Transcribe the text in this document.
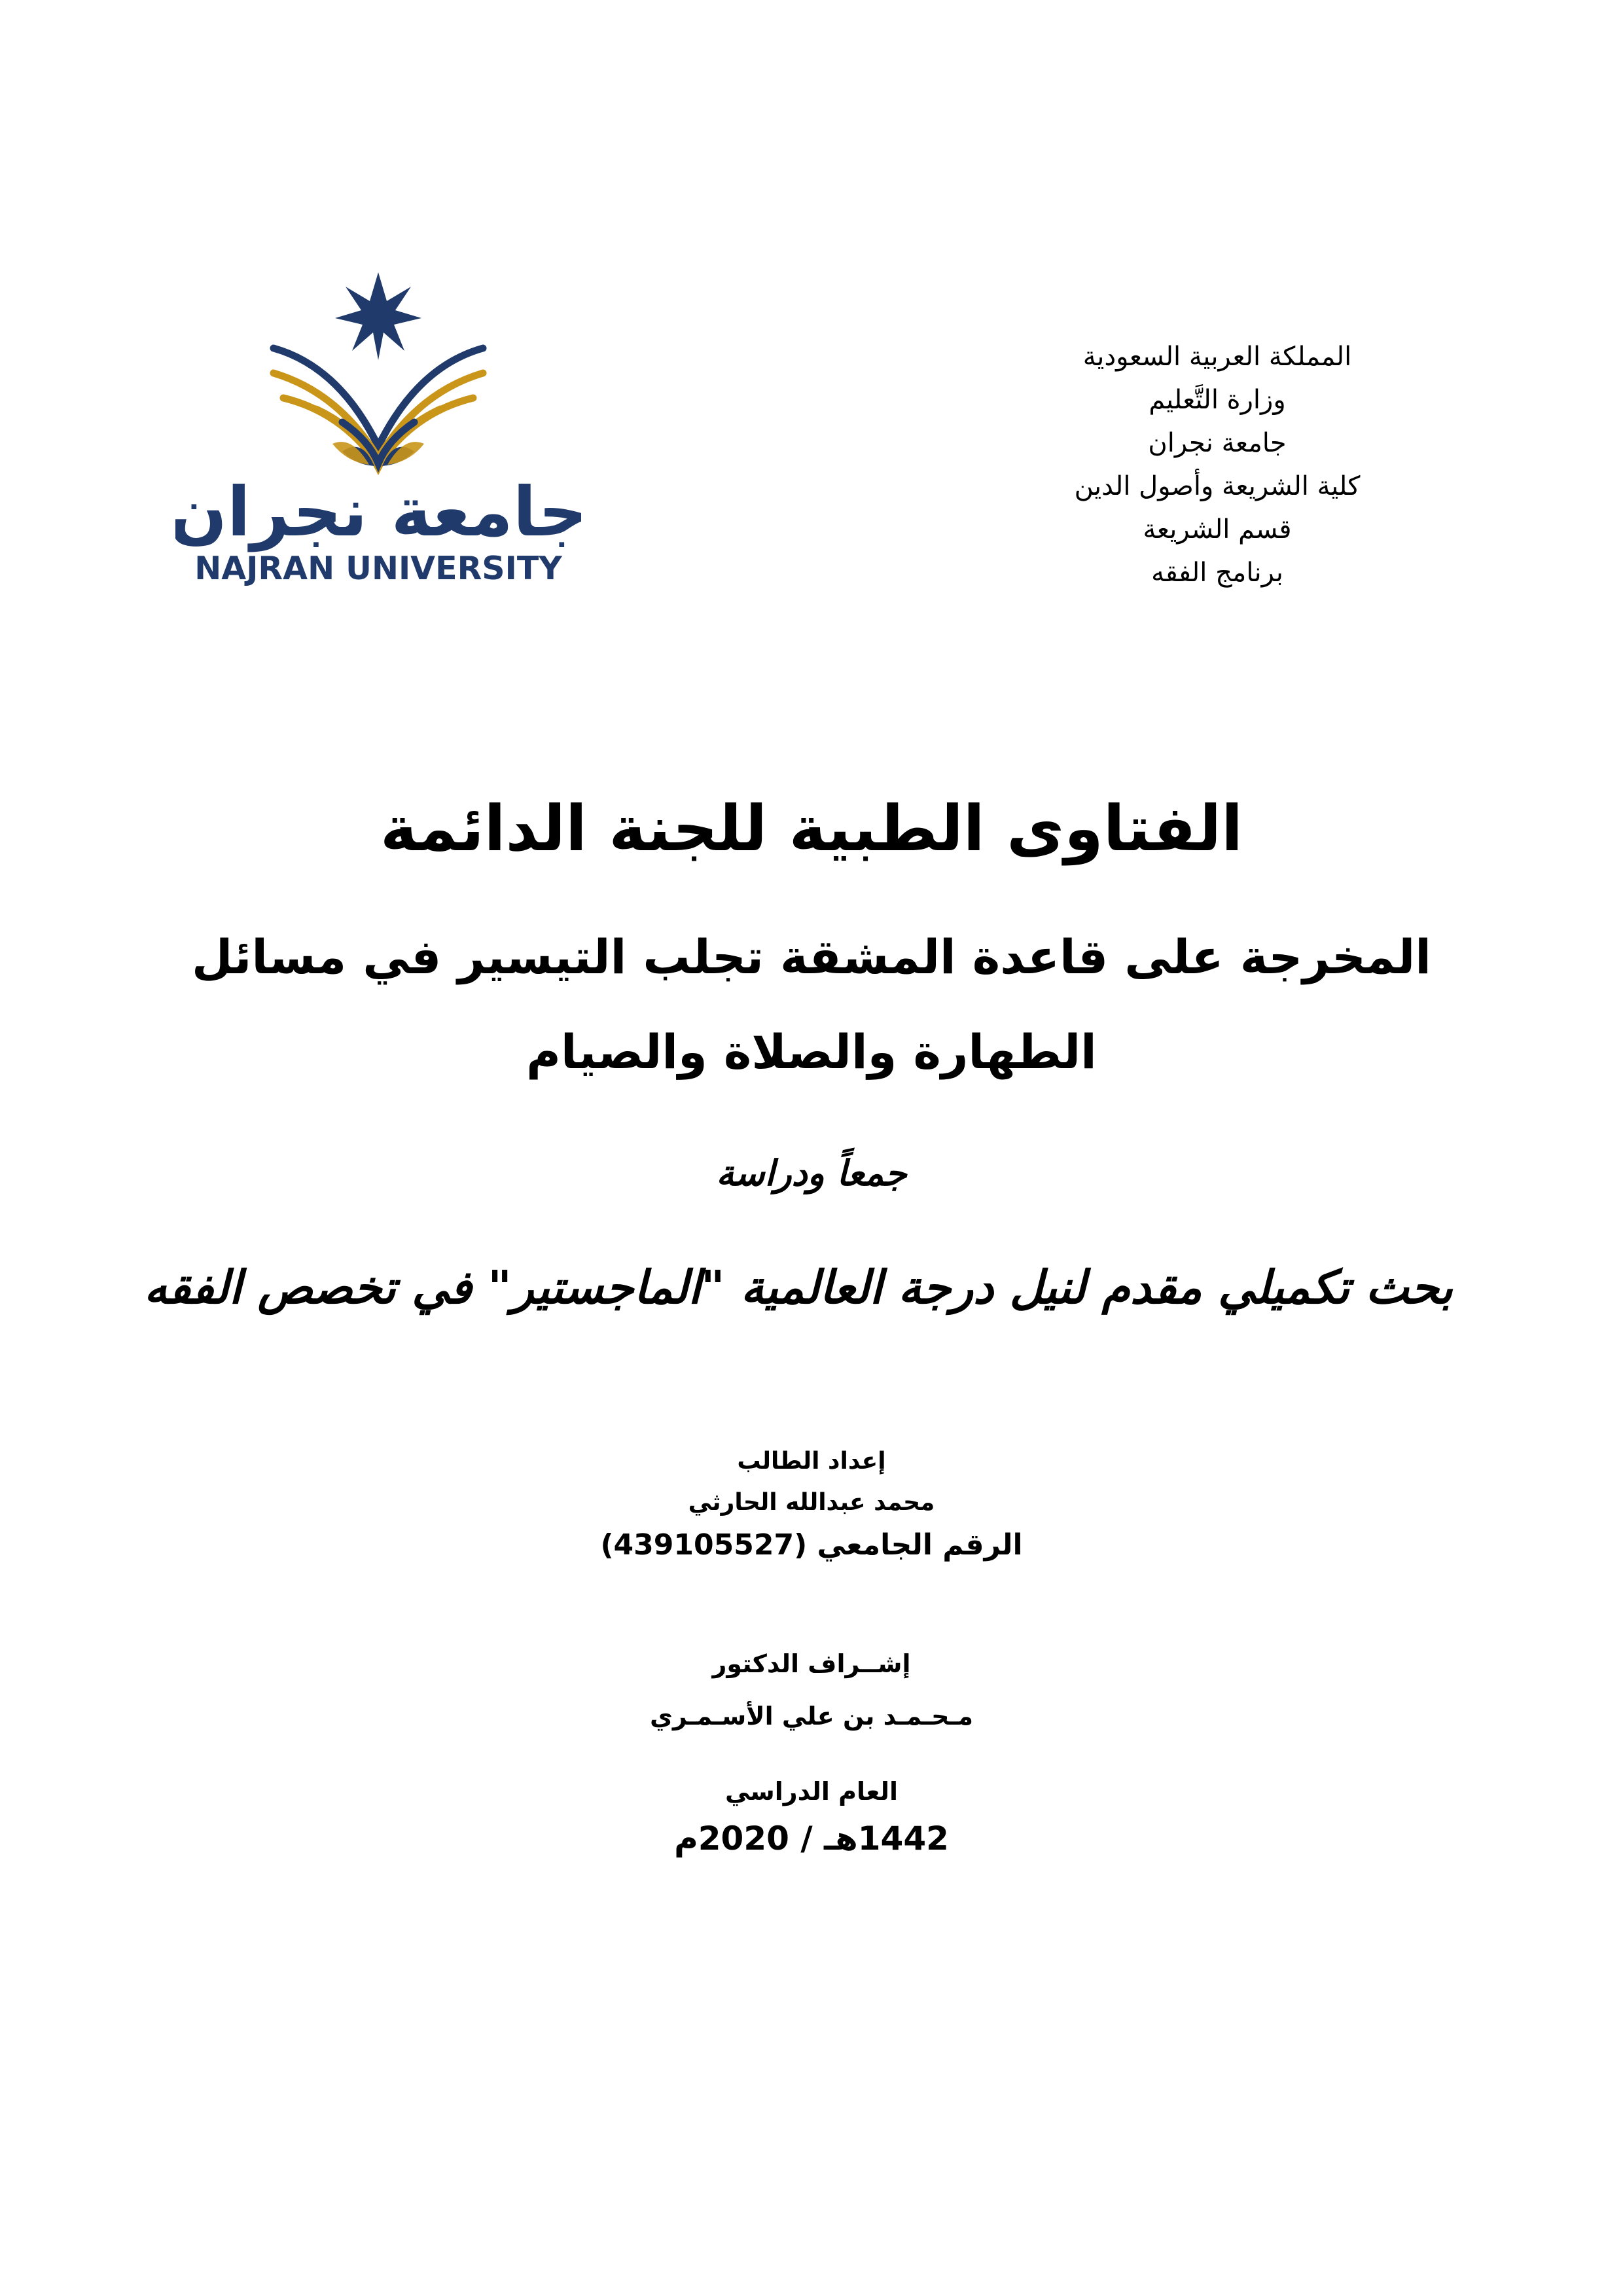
جامعة نجران
NAJRAN UNIVERSITY
المملكة العربية السعودية
وزارة التَّعليم
جامعة نجران
كلية الشريعة وأصول الدين
قسم الشريعة
برنامج الفقه
الفتاوى الطبية للجنة الدائمة
المخرجة على قاعدة المشقة تجلب التيسير في مسائل
الطهارة والصلاة والصيام
جمعاً ودراسة
بحث تكميلي مقدم لنيل درجة العالمية "الماجستير" في تخصص الفقه
إعداد الطالب
محمد عبدالله الحارثي
الرقم الجامعي (439105527)
إشــراف الدكتور
مـحـمـد بن علي الأسـمـري
العام الدراسي
1442هـ / 2020م
